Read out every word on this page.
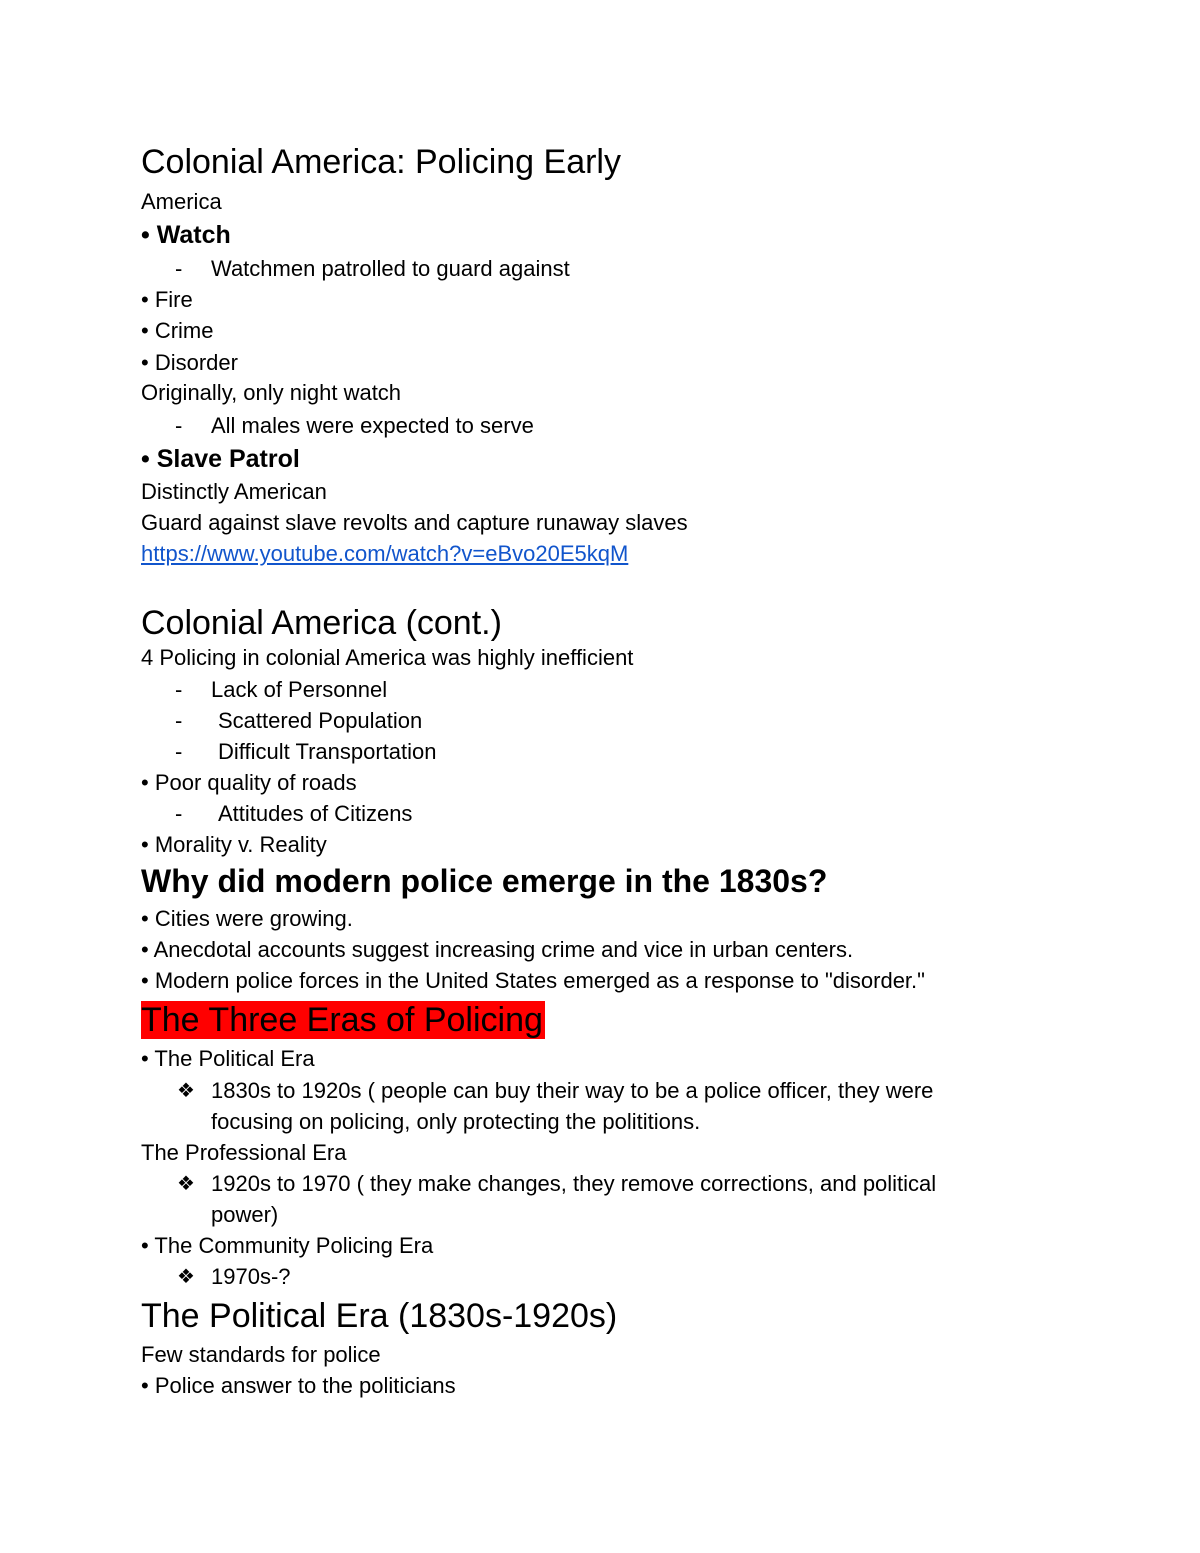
Colonial America: Policing Early
America
• Watch
- Watchmen patrolled to guard against
• Fire
• Crime
• Disorder
Originally, only night watch
- All males were expected to serve
• Slave Patrol
Distinctly American
Guard against slave revolts and capture runaway slaves
https://www.youtube.com/watch?v=eBvo20E5kqM
Colonial America (cont.)
4 Policing in colonial America was highly inefficient
- Lack of Personnel
- Scattered Population
- Difficult Transportation
• Poor quality of roads
- Attitudes of Citizens
• Morality v. Reality
Why did modern police emerge in the 1830s?
• Cities were growing.
• Anecdotal accounts suggest increasing crime and vice in urban centers.
• Modern police forces in the United States emerged as a response to "disorder."
The Three Eras of Policing
• The Political Era
❖ 1830s to 1920s ( people can buy their way to be a police officer, they were
focusing on policing, only protecting the polititions.
The Professional Era
❖ 1920s to 1970 ( they make changes, they remove corrections, and political
power)
• The Community Policing Era
❖ 1970s-?
The Political Era (1830s-1920s)
Few standards for police
• Police answer to the politicians
